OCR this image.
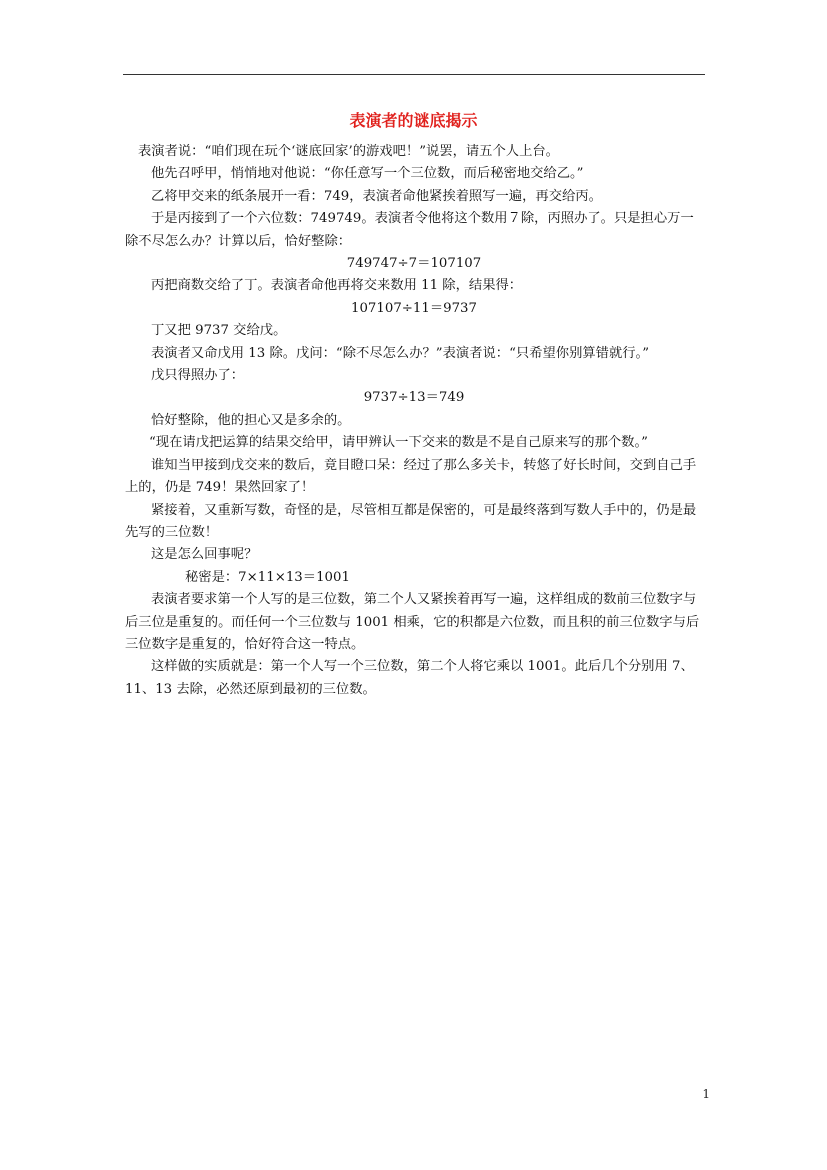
表演者的谜底揭示

表演者说：“咱们现在玩个‘谜底回家’的游戏吧！”说罢，请五个人上台。

他先召呼甲，悄悄地对他说：“你任意写一个三位数，而后秘密地交给乙。”

乙将甲交来的纸条展开一看：749，表演者命他紧挨着照写一遍，再交给丙。

于是丙接到了一个六位数：749749。表演者令他将这个数用７除，丙照办了。只是担心万一除不尽怎么办？计算以后，恰好整除：

749747÷7＝107107

丙把商数交给了丁。表演者命他再将交来数用 11 除，结果得：

107107÷11＝9737

丁又把 9737 交给戊。

表演者又命戊用 13 除。戊问：“除不尽怎么办？”表演者说：“只希望你别算错就行。”

戊只得照办了：

9737÷13＝749

恰好整除，他的担心又是多余的。

“现在请戊把运算的结果交给甲，请甲辨认一下交来的数是不是自己原来写的那个数。”

谁知当甲接到戊交来的数后，竟目瞪口呆：经过了那么多关卡，转悠了好长时间，交到自己手上的，仍是 749！果然回家了！

紧接着，又重新写数，奇怪的是，尽管相互都是保密的，可是最终落到写数人手中的，仍是最先写的三位数！

这是怎么回事呢？

秘密是：7×11×13＝1001

表演者要求第一个人写的是三位数，第二个人又紧挨着再写一遍，这样组成的数前三位数字与后三位是重复的。而任何一个三位数与 1001 相乘，它的积都是六位数，而且积的前三位数字与后三位数字是重复的，恰好符合这一特点。

这样做的实质就是：第一个人写一个三位数，第二个人将它乘以 1001。此后几个分别用 7、11、13 去除，必然还原到最初的三位数。

1
